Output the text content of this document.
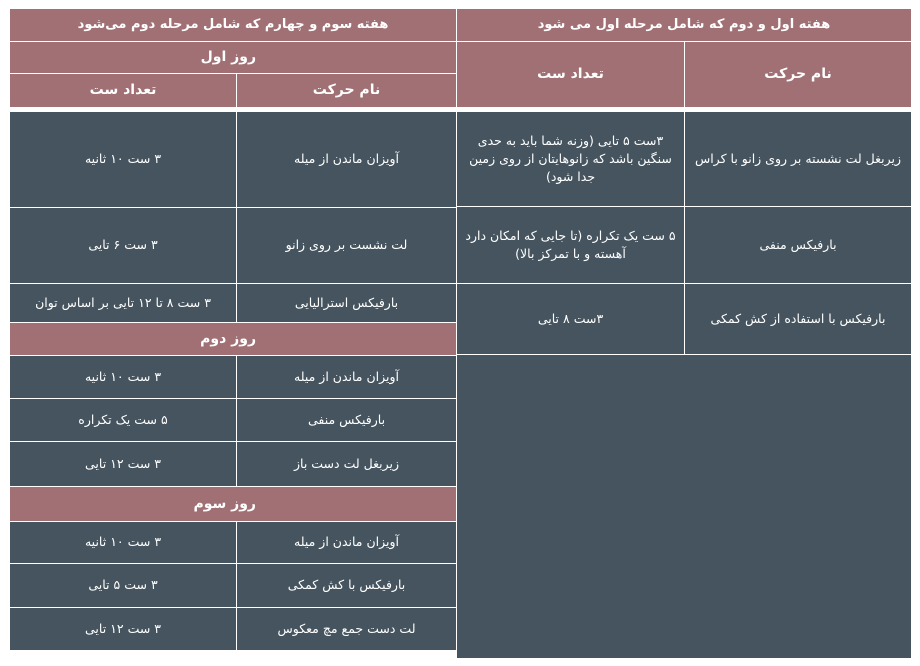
هفته اول و دوم که شامل مرحله اول می شود
نام حرکت
تعداد ست
زیربغل لت نشسته بر روی زانو با کراس
۳ست ۵ تایی (وزنه شما باید به حدی سنگین باشد که زانوهایتان از روی زمین جدا شود)
بارفیکس منفی
۵ ست یک تکراره (تا جایی که امکان دارد آهسته و با تمرکز بالا)
بارفیکس با استفاده از کش کمکی
۳ست ۸ تایی
هفته سوم و چهارم که شامل مرحله دوم می‌شود
روز اول
نام حرکت
تعداد ست
آویزان ماندن از میله
۳ ست ۱۰ ثانیه
لت نشست بر روی زانو
۳ ست ۶ تایی
بارفیکس استرالیایی
۳ ست ۸ تا ۱۲ تایی بر اساس توان
روز دوم
آویزان ماندن از میله
۳ ست ۱۰ ثانیه
بارفیکس منفی
۵ ست یک تکراره
زیربغل لت دست باز
۳ ست ۱۲ تایی
روز سوم
آویزان ماندن از میله
۳ ست ۱۰ ثانیه
بارفیکس با کش کمکی
۳ ست ۵ تایی
لت دست جمع مچ معکوس
۳ ست ۱۲ تایی
